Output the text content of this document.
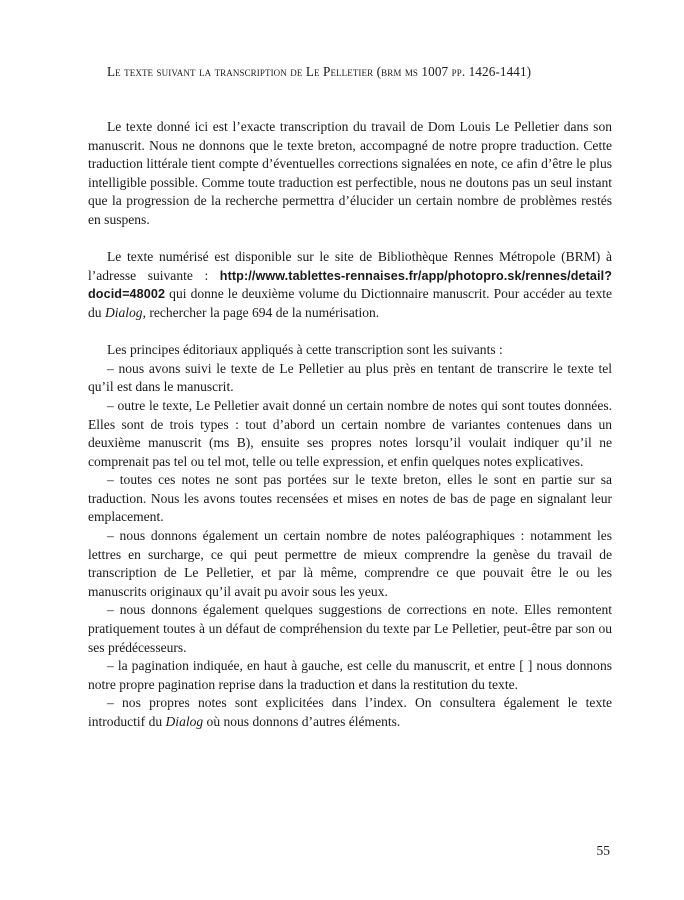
Le texte suivant la transcription de Le Pelletier (brm ms 1007 pp. 1426-1441)

Le texte donné ici est l’exacte transcription du travail de Dom Louis Le Pelletier dans son manuscrit. Nous ne donnons que le texte breton, accompagné de notre propre traduction. Cette traduction littérale tient compte d’éventuelles corrections signalées en note, ce afin d’être le plus intelligible possible. Comme toute traduction est perfectible, nous ne doutons pas un seul instant que la progression de la recherche permettra d’élucider un certain nombre de problèmes restés en suspens.

Le texte numérisé est disponible sur le site de Bibliothèque Rennes Métropole (BRM) à l’adresse suivante : http://www.tablettes-rennaises.fr/app/photopro.sk/rennes/detail?docid=48002 qui donne le deuxième volume du Dictionnaire manuscrit. Pour accéder au texte du Dialog, rechercher la page 694 de la numérisation.

Les principes éditoriaux appliqués à cette transcription sont les suivants :

– nous avons suivi le texte de Le Pelletier au plus près en tentant de transcrire le texte tel qu’il est dans le manuscrit.

– outre le texte, Le Pelletier avait donné un certain nombre de notes qui sont toutes données. Elles sont de trois types : tout d’abord un certain nombre de variantes contenues dans un deuxième manuscrit (ms B), ensuite ses propres notes lorsqu’il voulait indiquer qu’il ne comprenait pas tel ou tel mot, telle ou telle expression, et enfin quelques notes explicatives.

– toutes ces notes ne sont pas portées sur le texte breton, elles le sont en partie sur sa traduction. Nous les avons toutes recensées et mises en notes de bas de page en signalant leur emplacement.

– nous donnons également un certain nombre de notes paléographiques : notamment les lettres en surcharge, ce qui peut permettre de mieux comprendre la genèse du travail de transcription de Le Pelletier, et par là même, comprendre ce que pouvait être le ou les manuscrits originaux qu’il avait pu avoir sous les yeux.

– nous donnons également quelques suggestions de corrections en note. Elles remontent pratiquement toutes à un défaut de compréhension du texte par Le Pelletier, peut-être par son ou ses prédécesseurs.

– la pagination indiquée, en haut à gauche, est celle du manuscrit, et entre [ ] nous donnons notre propre pagination reprise dans la traduction et dans la restitution du texte.

– nos propres notes sont explicitées dans l’index. On consultera également le texte introductif du Dialog où nous donnons d’autres éléments.

55
